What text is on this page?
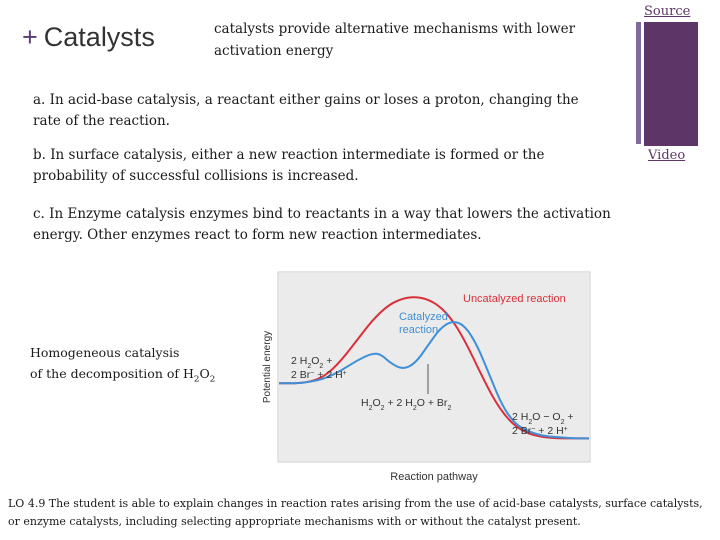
+ Catalysts	catalysts provide alternative mechanisms with lower activation energy
Source
Video
a. In acid-base catalysis, a reactant either gains or loses a proton, changing the rate of the reaction.
b. In surface catalysis, either a new reaction intermediate is formed or the probability of successful collisions is increased.
c. In Enzyme catalysis enzymes bind to reactants in a way that lowers the activation energy. Other enzymes react to form new reaction intermediates.
Potential energy
Reaction pathway
Uncatalyzed reaction
Catalyzed
reaction
2 $H_2O_2$ +
2 Br− + 2 H+
$H_2O_2 + 2$ $H_2O + Br_2$
2 $H_2O - O_2$ +
2 Br− + 2 H+
Homogeneous catalysis
of the decomposition of $H_2O_2$
LO 4.9 The student is able to explain changes in reaction rates arising from the use of acid-base catalysts, surface catalysts, or enzyme catalysts, including selecting appropriate mechanisms with or without the catalyst present.
